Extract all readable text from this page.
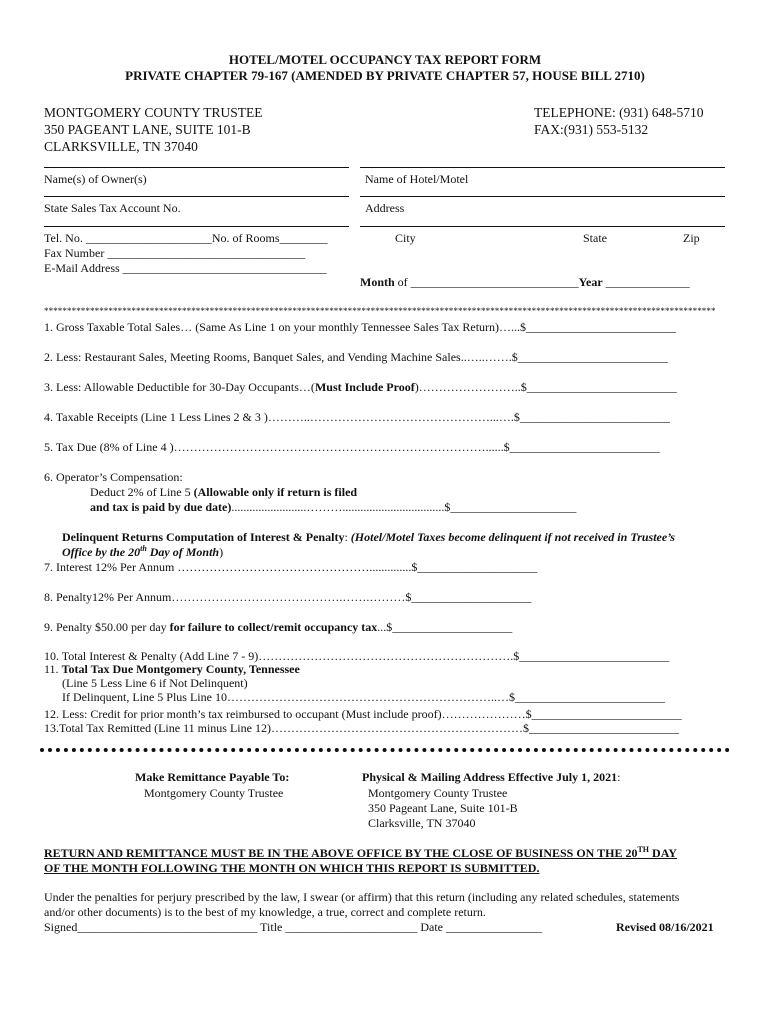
HOTEL/MOTEL OCCUPANCY TAX REPORT FORM
PRIVATE CHAPTER 79-167 (AMENDED BY PRIVATE CHAPTER 57, HOUSE BILL 2710)
MONTGOMERY COUNTY TRUSTEE
350 PAGEANT LANE, SUITE 101-B
CLARKSVILLE, TN 37040
TELEPHONE: (931) 648-5710
FAX:(931) 553-5132
Name(s) of Owner(s)	Name of Hotel/Motel
State Sales Tax Account No.	Address
Tel. No. _____________________No. of Rooms________	City	State	Zip
Fax Number _________________________________
E-Mail Address __________________________________
Month of ____________________________Year ______________
**************************************************************************************************************************************************
1. Gross Taxable Total Sales… (Same As Line 1 on your monthly Tennessee Sales Tax Return)…...$_________________________
2. Less: Restaurant Sales, Meeting Rooms, Banquet Sales, and Vending Machine Sales..…..…….$_________________________
3. Less: Allowable Deductible for 30-Day Occupants…(Must Include Proof)……………………..$_________________________
4. Taxable Receipts (Line 1 Less Lines 2 & 3 )………..………………………………………...….$_________________________
5. Tax Due (8% of Line 4 )……………………………………………………………………......$_________________________
6. Operator’s Compensation:
Deduct 2% of Line 5 (Allowable only if return is filed
and tax is paid by due date).........................………..................................$_____________________
Delinquent Returns Computation of Interest & Penalty: (Hotel/Motel Taxes become delinquent if not received in Trustee’s
Office by the 20th Day of Month)
7. Interest 12% Per Annum …………………………………………..............$____________________
8. Penalty12% Per Annum…………………………………….…….………$____________________
9. Penalty $50.00 per day for failure to collect/remit occupancy tax...$____________________
10. Total Interest & Penalty (Add Line 7 - 9)……………………………………………………….$_________________________
11. Total Tax Due Montgomery County, Tennessee
(Line 5 Less Line 6 if Not Delinquent)
If Delinquent, Line 5 Plus Line 10…………………………………………………………..…$_________________________
12. Less: Credit for prior month’s tax reimbursed to occupant (Must include proof)…………………$_________________________
13.Total Tax Remitted (Line 11 minus Line 12)………………………………………………………$_________________________
Make Remittance Payable To:
Montgomery County Trustee
Physical & Mailing Address Effective July 1, 2021:
Montgomery County Trustee
350 Pageant Lane, Suite 101-B
Clarksville, TN 37040
RETURN AND REMITTANCE MUST BE IN THE ABOVE OFFICE BY THE CLOSE OF BUSINESS ON THE 20TH DAY
OF THE MONTH FOLLOWING THE MONTH ON WHICH THIS REPORT IS SUBMITTED.
Under the penalties for perjury prescribed by the law, I swear (or affirm) that this return (including any related schedules, statements
and/or other documents) is to the best of my knowledge, a true, correct and complete return.
Signed______________________________ Title ______________________ Date ________________	Revised 08/16/2021
